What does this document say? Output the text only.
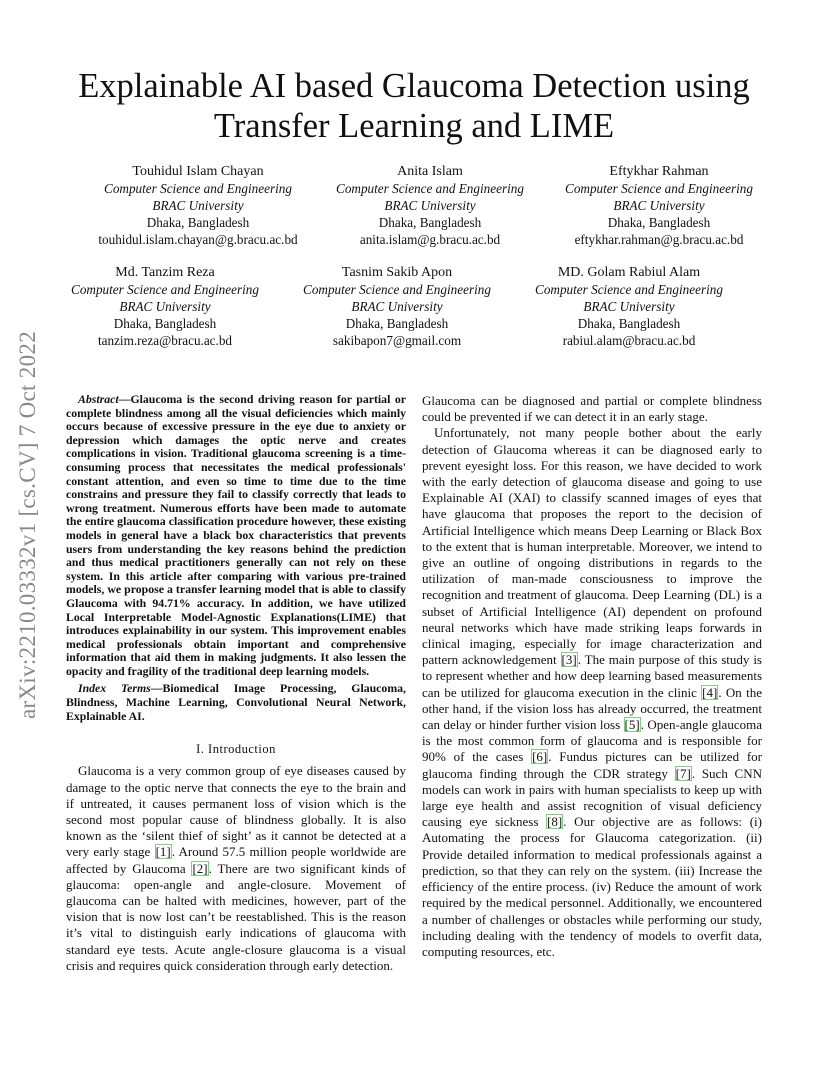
arXiv:2210.03332v1 [cs.CV] 7 Oct 2022
Explainable AI based Glaucoma Detection using
Transfer Learning and LIME
Touhidul Islam Chayan
Computer Science and Engineering
BRAC University
Dhaka, Bangladesh
touhidul.islam.chayan@g.bracu.ac.bd
Anita Islam
Computer Science and Engineering
BRAC University
Dhaka, Bangladesh
anita.islam@g.bracu.ac.bd
Eftykhar Rahman
Computer Science and Engineering
BRAC University
Dhaka, Bangladesh
eftykhar.rahman@g.bracu.ac.bd
Md. Tanzim Reza
Computer Science and Engineering
BRAC University
Dhaka, Bangladesh
tanzim.reza@bracu.ac.bd
Tasnim Sakib Apon
Computer Science and Engineering
BRAC University
Dhaka, Bangladesh
sakibapon7@gmail.com
MD. Golam Rabiul Alam
Computer Science and Engineering
BRAC University
Dhaka, Bangladesh
rabiul.alam@bracu.ac.bd

Abstract—Glaucoma is the second driving reason for partial or complete blindness among all the visual deficiencies which mainly occurs because of excessive pressure in the eye due to anxiety or depression which damages the optic nerve and creates complications in vision. Traditional glaucoma screening is a time-consuming process that necessitates the medical professionals' constant attention, and even so time to time due to the time constrains and pressure they fail to classify correctly that leads to wrong treatment. Numerous efforts have been made to automate the entire glaucoma classification procedure however, these existing models in general have a black box characteristics that prevents users from understanding the key reasons behind the prediction and thus medical practitioners generally can not rely on these system. In this article after comparing with various pre-trained models, we propose a transfer learning model that is able to classify Glaucoma with 94.71% accuracy. In addition, we have utilized Local Interpretable Model-Agnostic Explanations(LIME) that introduces explainability in our system. This improvement enables medical professionals obtain important and comprehensive information that aid them in making judgments. It also lessen the opacity and fragility of the traditional deep learning models.

Index Terms—Biomedical Image Processing, Glaucoma, Blindness, Machine Learning, Convolutional Neural Network, Explainable AI.

I. Introduction

Glaucoma is a very common group of eye diseases caused by damage to the optic nerve that connects the eye to the brain and if untreated, it causes permanent loss of vision which is the second most popular cause of blindness globally. It is also known as the ‘silent thief of sight’ as it cannot be detected at a very early stage [1]. Around 57.5 million people worldwide are affected by Glaucoma [2]. There are two significant kinds of glaucoma: open-angle and angle-closure. Movement of glaucoma can be halted with medicines, however, part of the vision that is now lost can’t be reestablished. This is the reason it’s vital to distinguish early indications of glaucoma with standard eye tests. Acute angle-closure glaucoma is a visual crisis and requires quick consideration through early detection.

Glaucoma can be diagnosed and partial or complete blindness could be prevented if we can detect it in an early stage.

Unfortunately, not many people bother about the early detection of Glaucoma whereas it can be diagnosed early to prevent eyesight loss. For this reason, we have decided to work with the early detection of glaucoma disease and going to use Explainable AI (XAI) to classify scanned images of eyes that have glaucoma that proposes the report to the decision of Artificial Intelligence which means Deep Learning or Black Box to the extent that is human interpretable. Moreover, we intend to give an outline of ongoing distributions in regards to the utilization of man-made consciousness to improve the recognition and treatment of glaucoma. Deep Learning (DL) is a subset of Artificial Intelligence (AI) dependent on profound neural networks which have made striking leaps forwards in clinical imaging, especially for image characterization and pattern acknowledgement [3]. The main purpose of this study is to represent whether and how deep learning based measurements can be utilized for glaucoma execution in the clinic [4]. On the other hand, if the vision loss has already occurred, the treatment can delay or hinder further vision loss [5]. Open-angle glaucoma is the most common form of glaucoma and is responsible for 90% of the cases [6]. Fundus pictures can be utilized for glaucoma finding through the CDR strategy [7]. Such CNN models can work in pairs with human specialists to keep up with large eye health and assist recognition of visual deficiency causing eye sickness [8]. Our objective are as follows: (i) Automating the process for Glaucoma categorization. (ii) Provide detailed information to medical professionals against a prediction, so that they can rely on the system. (iii) Increase the efficiency of the entire process. (iv) Reduce the amount of work required by the medical personnel. Additionally, we encountered a number of challenges or obstacles while performing our study, including dealing with the tendency of models to overfit data, computing resources, etc.
